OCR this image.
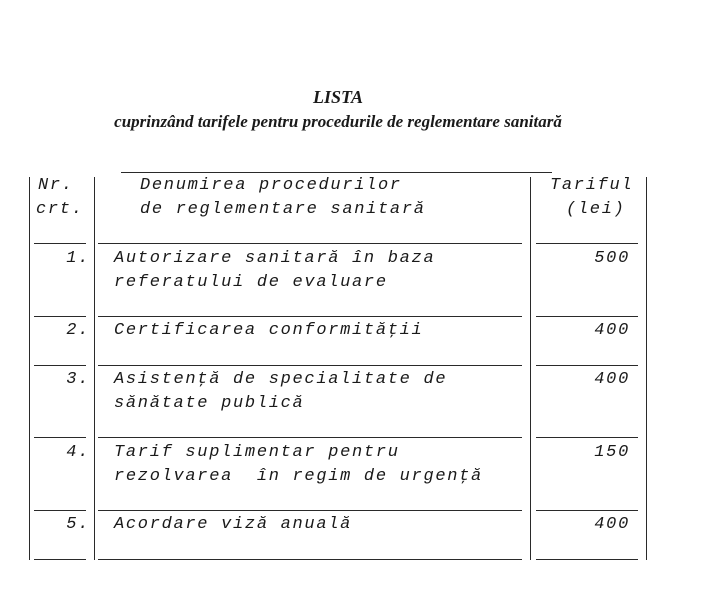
LISTA
cuprinzând tarifele pentru procedurile de reglementare sanitară
Nr.
crt.
Denumirea procedurilor
de reglementare sanitară
Tariful
(lei)
1. Autorizare sanitară în baza
referatului de evaluare
500
2. Certificarea conformităţii	400
3. Asistenţă de specialitate de
sănătate publică
400
4. Tarif suplimentar pentru
rezolvarea  în regim de urgenţă
150
5. Acordare viză anuală	400
